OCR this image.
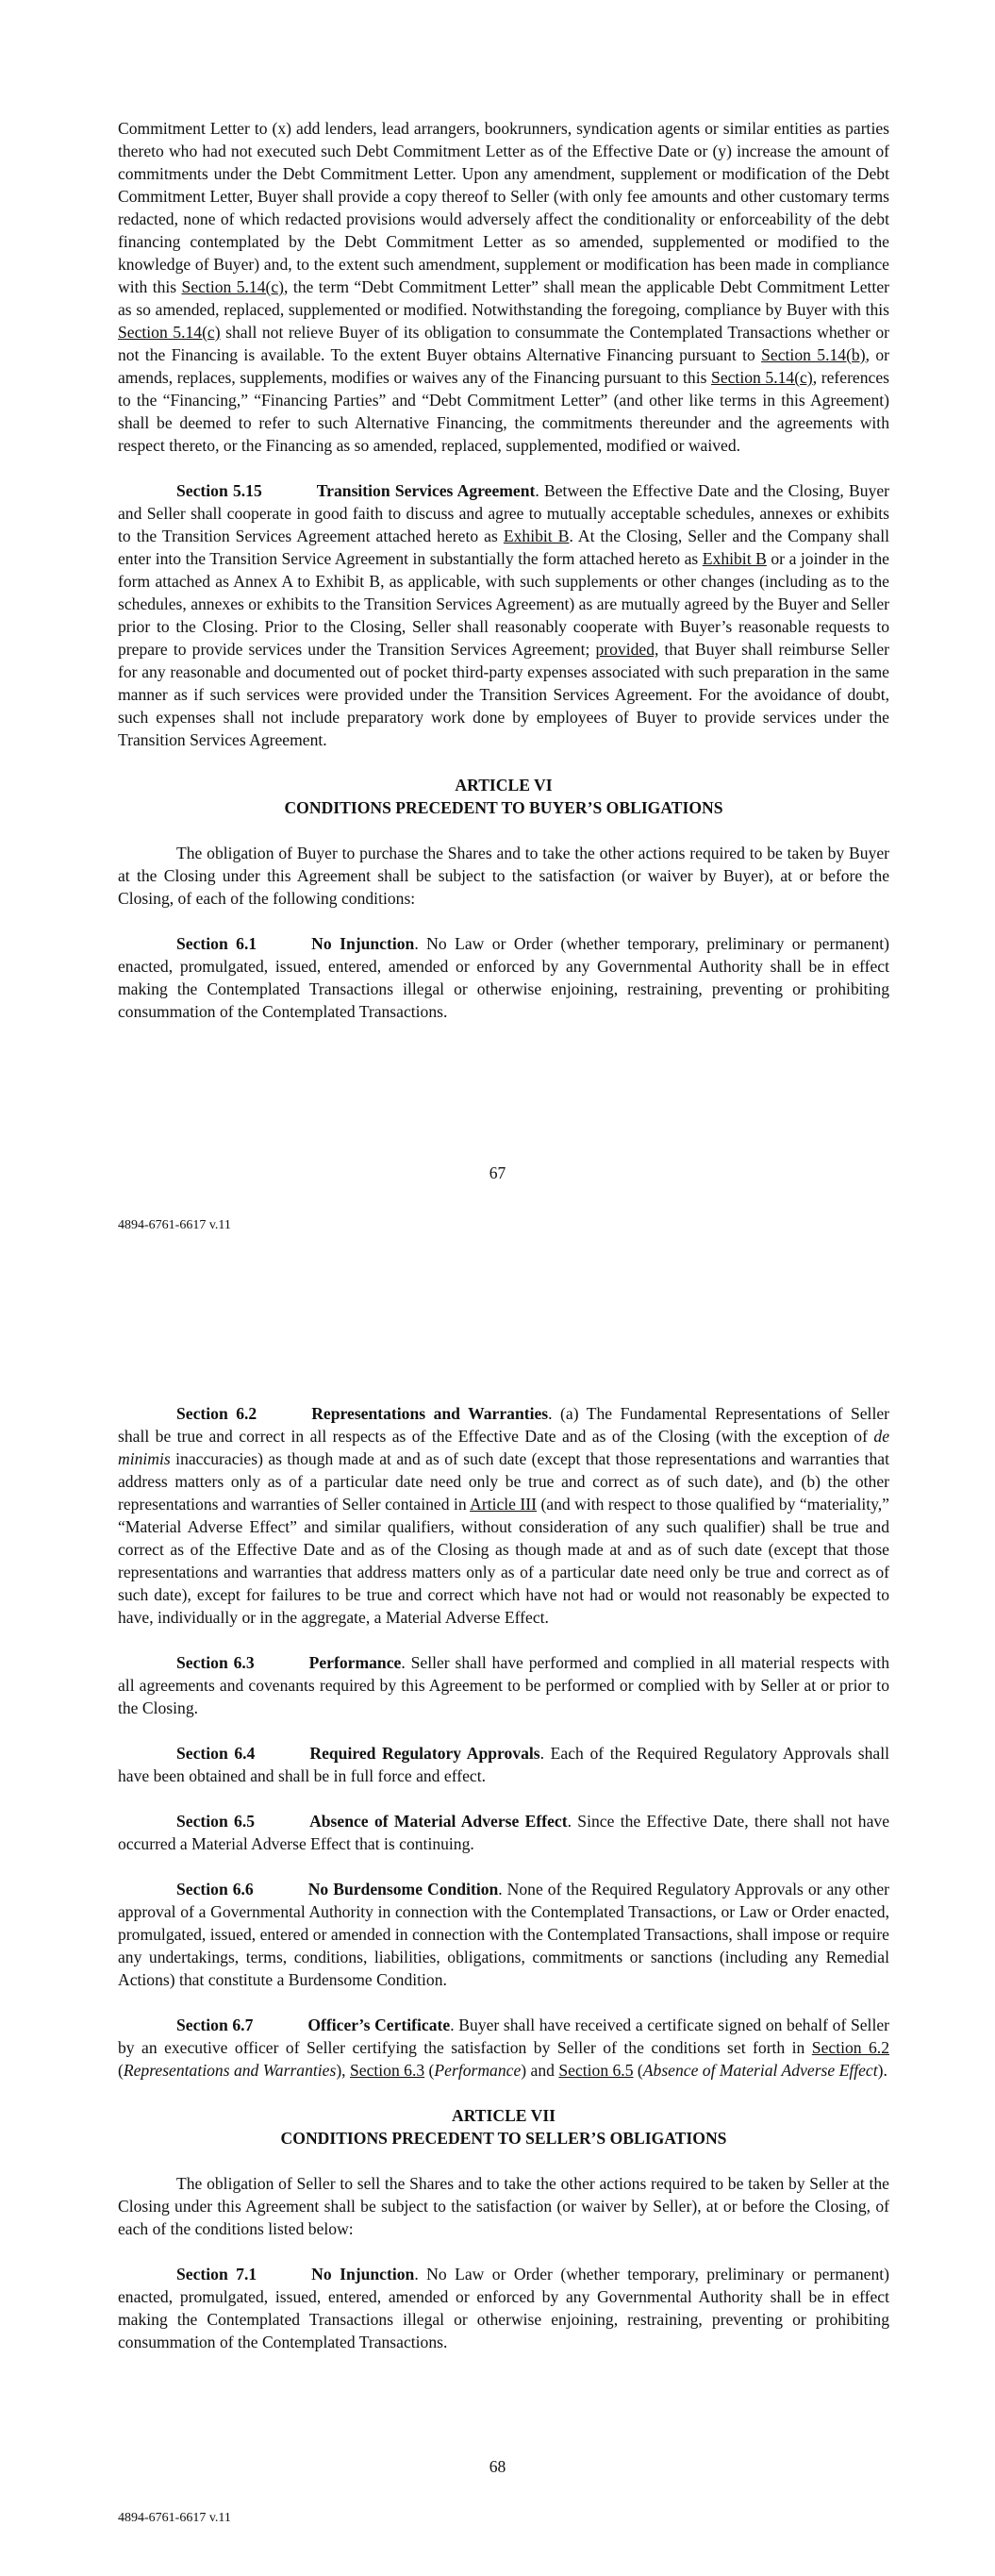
Commitment Letter to (x) add lenders, lead arrangers, bookrunners, syndication agents or similar entities as parties thereto who had not executed such Debt Commitment Letter as of the Effective Date or (y) increase the amount of commitments under the Debt Commitment Letter. Upon any amendment, supplement or modification of the Debt Commitment Letter, Buyer shall provide a copy thereof to Seller (with only fee amounts and other customary terms redacted, none of which redacted provisions would adversely affect the conditionality or enforceability of the debt financing contemplated by the Debt Commitment Letter as so amended, supplemented or modified to the knowledge of Buyer) and, to the extent such amendment, supplement or modification has been made in compliance with this Section 5.14(c), the term “Debt Commitment Letter” shall mean the applicable Debt Commitment Letter as so amended, replaced, supplemented or modified. Notwithstanding the foregoing, compliance by Buyer with this Section 5.14(c) shall not relieve Buyer of its obligation to consummate the Contemplated Transactions whether or not the Financing is available. To the extent Buyer obtains Alternative Financing pursuant to Section 5.14(b), or amends, replaces, supplements, modifies or waives any of the Financing pursuant to this Section 5.14(c), references to the “Financing,” “Financing Parties” and “Debt Commitment Letter” (and other like terms in this Agreement) shall be deemed to refer to such Alternative Financing, the commitments thereunder and the agreements with respect thereto, or the Financing as so amended, replaced, supplemented, modified or waived.

Section 5.15	Transition Services Agreement. Between the Effective Date and the Closing, Buyer and Seller shall cooperate in good faith to discuss and agree to mutually acceptable schedules, annexes or exhibits to the Transition Services Agreement attached hereto as Exhibit B. At the Closing, Seller and the Company shall enter into the Transition Service Agreement in substantially the form attached hereto as Exhibit B or a joinder in the form attached as Annex A to Exhibit B, as applicable, with such supplements or other changes (including as to the schedules, annexes or exhibits to the Transition Services Agreement) as are mutually agreed by the Buyer and Seller prior to the Closing. Prior to the Closing, Seller shall reasonably cooperate with Buyer’s reasonable requests to prepare to provide services under the Transition Services Agreement; provided, that Buyer shall reimburse Seller for any reasonable and documented out of pocket third-party expenses associated with such preparation in the same manner as if such services were provided under the Transition Services Agreement. For the avoidance of doubt, such expenses shall not include preparatory work done by employees of Buyer to provide services under the Transition Services Agreement.

ARTICLE VI
CONDITIONS PRECEDENT TO BUYER’S OBLIGATIONS

The obligation of Buyer to purchase the Shares and to take the other actions required to be taken by Buyer at the Closing under this Agreement shall be subject to the satisfaction (or waiver by Buyer), at or before the Closing, of each of the following conditions:

Section 6.1	No Injunction. No Law or Order (whether temporary, preliminary or permanent) enacted, promulgated, issued, entered, amended or enforced by any Governmental Authority shall be in effect making the Contemplated Transactions illegal or otherwise enjoining, restraining, preventing or prohibiting consummation of the Contemplated Transactions.

67
4894-6761-6617 v.11

Section 6.2	Representations and Warranties. (a) The Fundamental Representations of Seller shall be true and correct in all respects as of the Effective Date and as of the Closing (with the exception of de minimis inaccuracies) as though made at and as of such date (except that those representations and warranties that address matters only as of a particular date need only be true and correct as of such date), and (b) the other representations and warranties of Seller contained in Article III (and with respect to those qualified by “materiality,” “Material Adverse Effect” and similar qualifiers, without consideration of any such qualifier) shall be true and correct as of the Effective Date and as of the Closing as though made at and as of such date (except that those representations and warranties that address matters only as of a particular date need only be true and correct as of such date), except for failures to be true and correct which have not had or would not reasonably be expected to have, individually or in the aggregate, a Material Adverse Effect.

Section 6.3	Performance. Seller shall have performed and complied in all material respects with all agreements and covenants required by this Agreement to be performed or complied with by Seller at or prior to the Closing.

Section 6.4	Required Regulatory Approvals. Each of the Required Regulatory Approvals shall have been obtained and shall be in full force and effect.

Section 6.5	Absence of Material Adverse Effect. Since the Effective Date, there shall not have occurred a Material Adverse Effect that is continuing.

Section 6.6	No Burdensome Condition. None of the Required Regulatory Approvals or any other approval of a Governmental Authority in connection with the Contemplated Transactions, or Law or Order enacted, promulgated, issued, entered or amended in connection with the Contemplated Transactions, shall impose or require any undertakings, terms, conditions, liabilities, obligations, commitments or sanctions (including any Remedial Actions) that constitute a Burdensome Condition.

Section 6.7	Officer’s Certificate. Buyer shall have received a certificate signed on behalf of Seller by an executive officer of Seller certifying the satisfaction by Seller of the conditions set forth in Section 6.2 (Representations and Warranties), Section 6.3 (Performance) and Section 6.5 (Absence of Material Adverse Effect).

ARTICLE VII
CONDITIONS PRECEDENT TO SELLER’S OBLIGATIONS

The obligation of Seller to sell the Shares and to take the other actions required to be taken by Seller at the Closing under this Agreement shall be subject to the satisfaction (or waiver by Seller), at or before the Closing, of each of the conditions listed below:

Section 7.1	No Injunction. No Law or Order (whether temporary, preliminary or permanent) enacted, promulgated, issued, entered, amended or enforced by any Governmental Authority shall be in effect making the Contemplated Transactions illegal or otherwise enjoining, restraining, preventing or prohibiting consummation of the Contemplated Transactions.

68
4894-6761-6617 v.11
